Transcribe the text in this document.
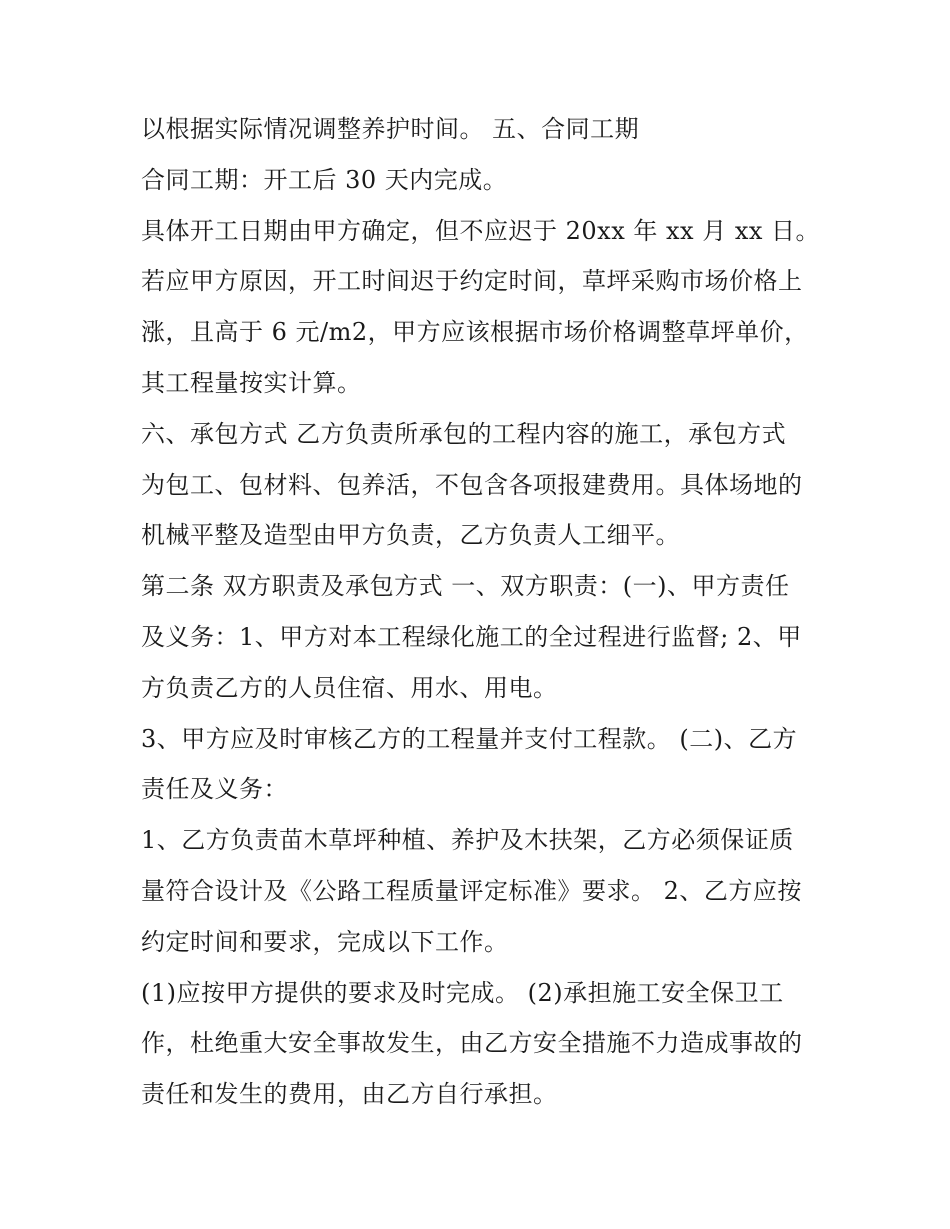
以根据实际情况调整养护时间。 五、合同工期
合同工期：开工后 30 天内完成。
具体开工日期由甲方确定，但不应迟于 20xx 年 xx 月 xx 日。
若应甲方原因，开工时间迟于约定时间，草坪采购市场价格上
涨，且高于 6 元/m2，甲方应该根据市场价格调整草坪单价，
其工程量按实计算。
六、承包方式 乙方负责所承包的工程内容的施工，承包方式
为包工、包材料、包养活，不包含各项报建费用。具体场地的
机械平整及造型由甲方负责，乙方负责人工细平。
第二条 双方职责及承包方式 一、双方职责：(一)、甲方责任
及义务：1、甲方对本工程绿化施工的全过程进行监督; 2、甲
方负责乙方的人员住宿、用水、用电。
3、甲方应及时审核乙方的工程量并支付工程款。 (二)、乙方
责任及义务：
1、乙方负责苗木草坪种植、养护及木扶架，乙方必须保证质
量符合设计及《公路工程质量评定标准》要求。 2、乙方应按
约定时间和要求，完成以下工作。
(1)应按甲方提供的要求及时完成。 (2)承担施工安全保卫工
作，杜绝重大安全事故发生，由乙方安全措施不力造成事故的
责任和发生的费用，由乙方自行承担。
